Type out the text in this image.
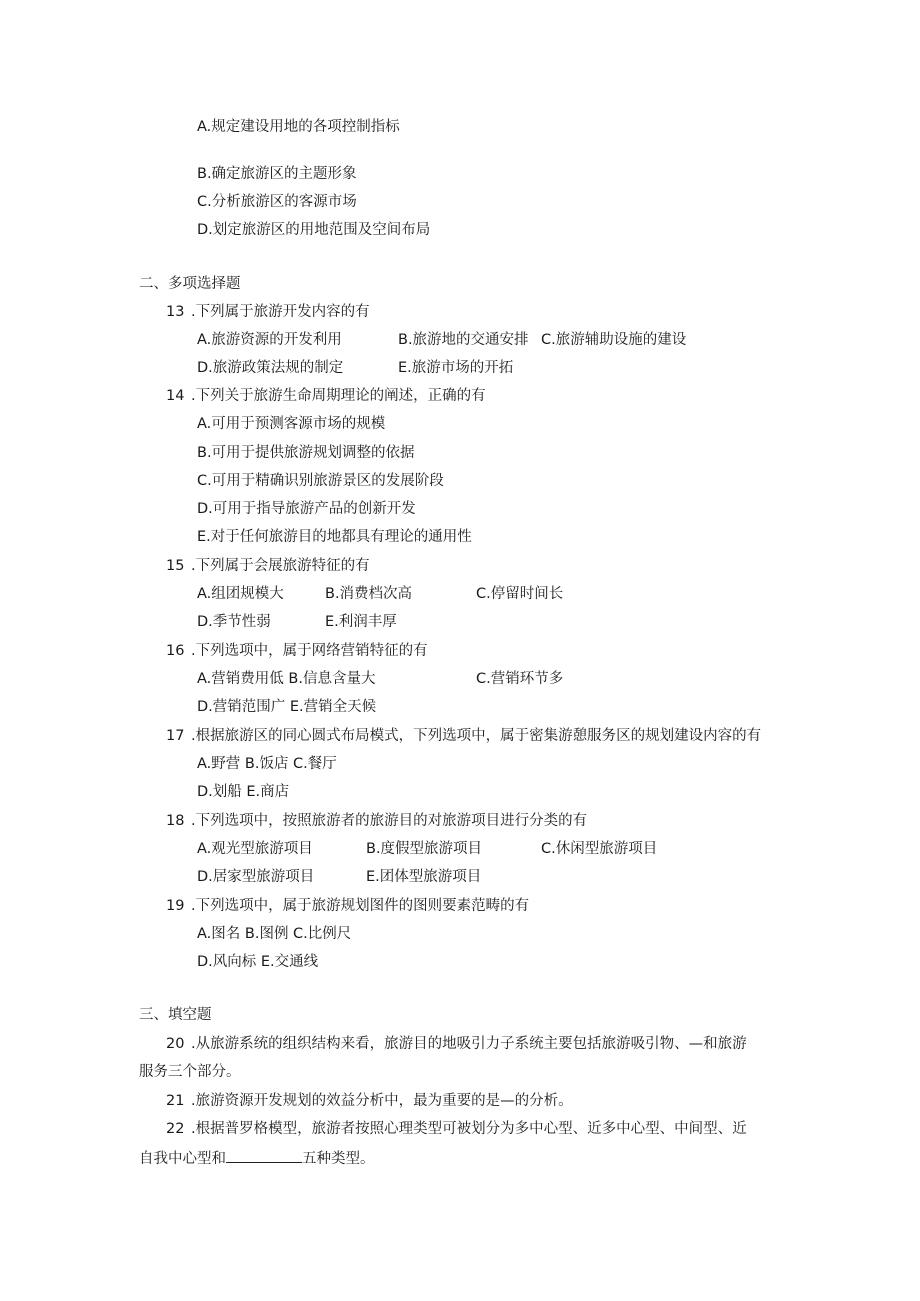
A.规定建设用地的各项控制指标
B.确定旅游区的主题形象
C.分析旅游区的客源市场
D.划定旅游区的用地范围及空间布局
二、多项选择题
13 .下列属于旅游开发内容的有
A.旅游资源的开发利用	B.旅游地的交通安排 C.旅游辅助设施的建设
D.旅游政策法规的制定	E.旅游市场的开拓
14 .下列关于旅游生命周期理论的阐述，正确的有
A.可用于预测客源市场的规模
B.可用于提供旅游规划调整的依据
C.可用于精确识别旅游景区的发展阶段
D.可用于指导旅游产品的创新开发
E.对于任何旅游目的地都具有理论的通用性
15 .下列属于会展旅游特征的有
A.组团规模大	B.消费档次高	C.停留时间长
D.季节性弱	E.利润丰厚
16 .下列选项中，属于网络营销特征的有
A.营销费用低 B.信息含量大	C.营销环节多
D.营销范围广 E.营销全天候
17 .根据旅游区的同心圆式布局模式，下列选项中，属于密集游憩服务区的规划建设内容的有
A.野营 B.饭店 C.餐厅
D.划船 E.商店
18 .下列选项中，按照旅游者的旅游目的对旅游项目进行分类的有
A.观光型旅游项目	B.度假型旅游项目	C.休闲型旅游项目
D.居家型旅游项目	E.团体型旅游项目
19 .下列选项中，属于旅游规划图件的图则要素范畴的有
A.图名 B.图例 C.比例尺
D.风向标 E.交通线
三、填空题
20 .从旅游系统的组织结构来看，旅游目的地吸引力子系统主要包括旅游吸引物、—和旅游
服务三个部分。
21 .旅游资源开发规划的效益分析中，最为重要的是—的分析。
22 .根据普罗格模型，旅游者按照心理类型可被划分为多中心型、近多中心型、中间型、近
自我中心型和	五种类型。
